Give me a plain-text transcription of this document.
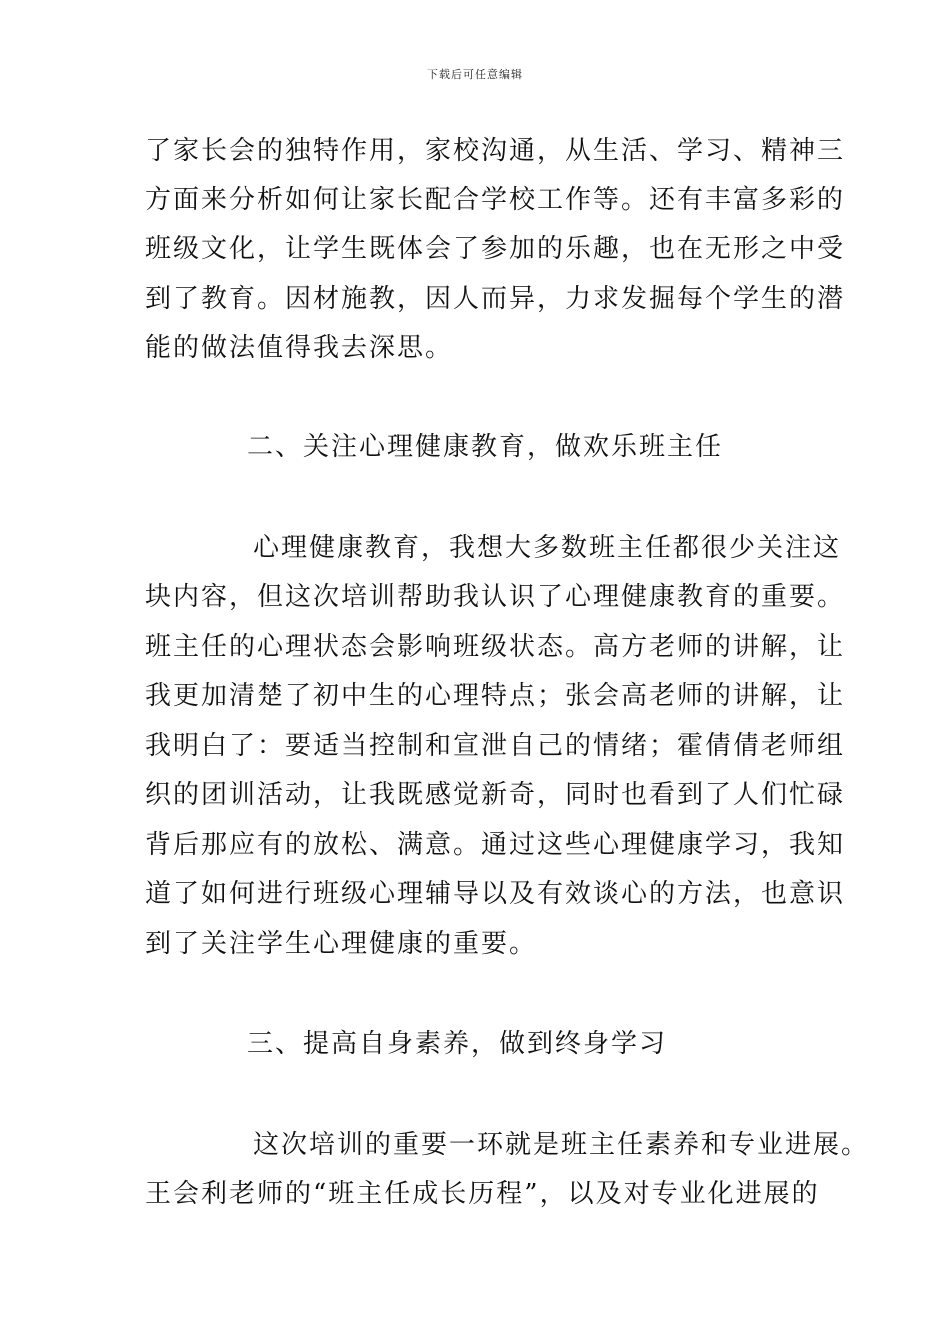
下载后可任意编辑
了家长会的独特作用，家校沟通，从生活、学习、精神三
方面来分析如何让家长配合学校工作等。还有丰富多彩的
班级文化，让学生既体会了参加的乐趣，也在无形之中受
到了教育。因材施教，因人而异，力求发掘每个学生的潜
能的做法值得我去深思。
二、关注心理健康教育，做欢乐班主任
心理健康教育，我想大多数班主任都很少关注这
块内容，但这次培训帮助我认识了心理健康教育的重要。
班主任的心理状态会影响班级状态。高方老师的讲解，让
我更加清楚了初中生的心理特点；张会高老师的讲解，让
我明白了：要适当控制和宣泄自己的情绪；霍倩倩老师组
织的团训活动，让我既感觉新奇，同时也看到了人们忙碌
背后那应有的放松、满意。通过这些心理健康学习，我知
道了如何进行班级心理辅导以及有效谈心的方法，也意识
到了关注学生心理健康的重要。
三、提高自身素养，做到终身学习
这次培训的重要一环就是班主任素养和专业进展。
王会利老师的“班主任成长历程”，以及对专业化进展的
